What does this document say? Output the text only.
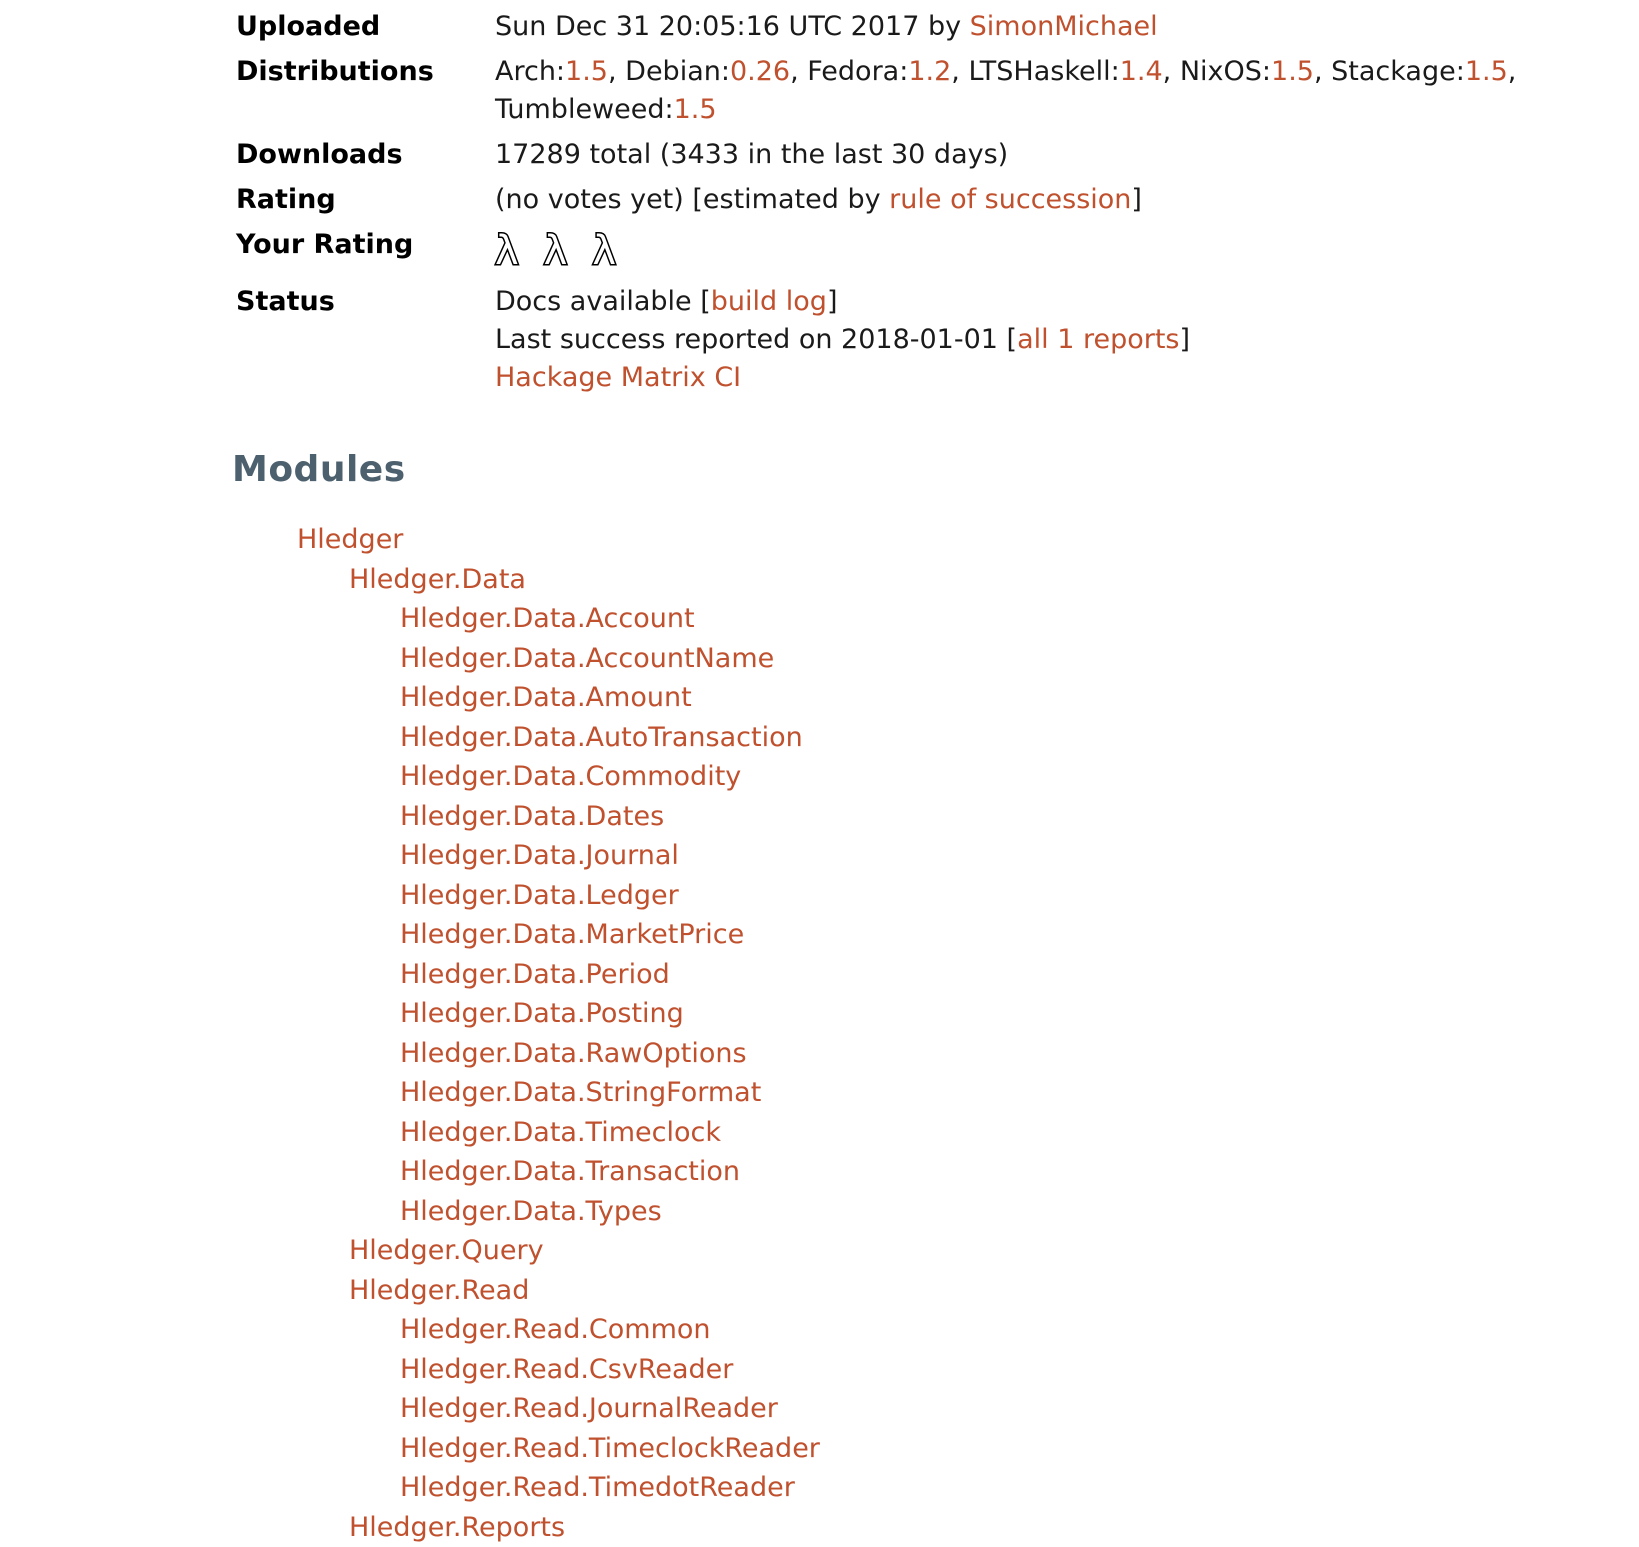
Uploaded	Sun Dec 31 20:05:16 UTC 2017 by SimonMichael
Distributions	Arch:1.5, Debian:0.26, Fedora:1.2, LTSHaskell:1.4, NixOS:1.5, Stackage:1.5, Tumbleweed:1.5
Downloads	17289 total (3433 in the last 30 days)
Rating	(no votes yet) [estimated by rule of succession]
Your Rating	λ λ λ
Status	Docs available [build log]
Last success reported on 2018-01-01 [all 1 reports]
Hackage Matrix CI
Modules
Hledger
Hledger.Data
Hledger.Data.Account
Hledger.Data.AccountName
Hledger.Data.Amount
Hledger.Data.AutoTransaction
Hledger.Data.Commodity
Hledger.Data.Dates
Hledger.Data.Journal
Hledger.Data.Ledger
Hledger.Data.MarketPrice
Hledger.Data.Period
Hledger.Data.Posting
Hledger.Data.RawOptions
Hledger.Data.StringFormat
Hledger.Data.Timeclock
Hledger.Data.Transaction
Hledger.Data.Types
Hledger.Query
Hledger.Read
Hledger.Read.Common
Hledger.Read.CsvReader
Hledger.Read.JournalReader
Hledger.Read.TimeclockReader
Hledger.Read.TimedotReader
Hledger.Reports
